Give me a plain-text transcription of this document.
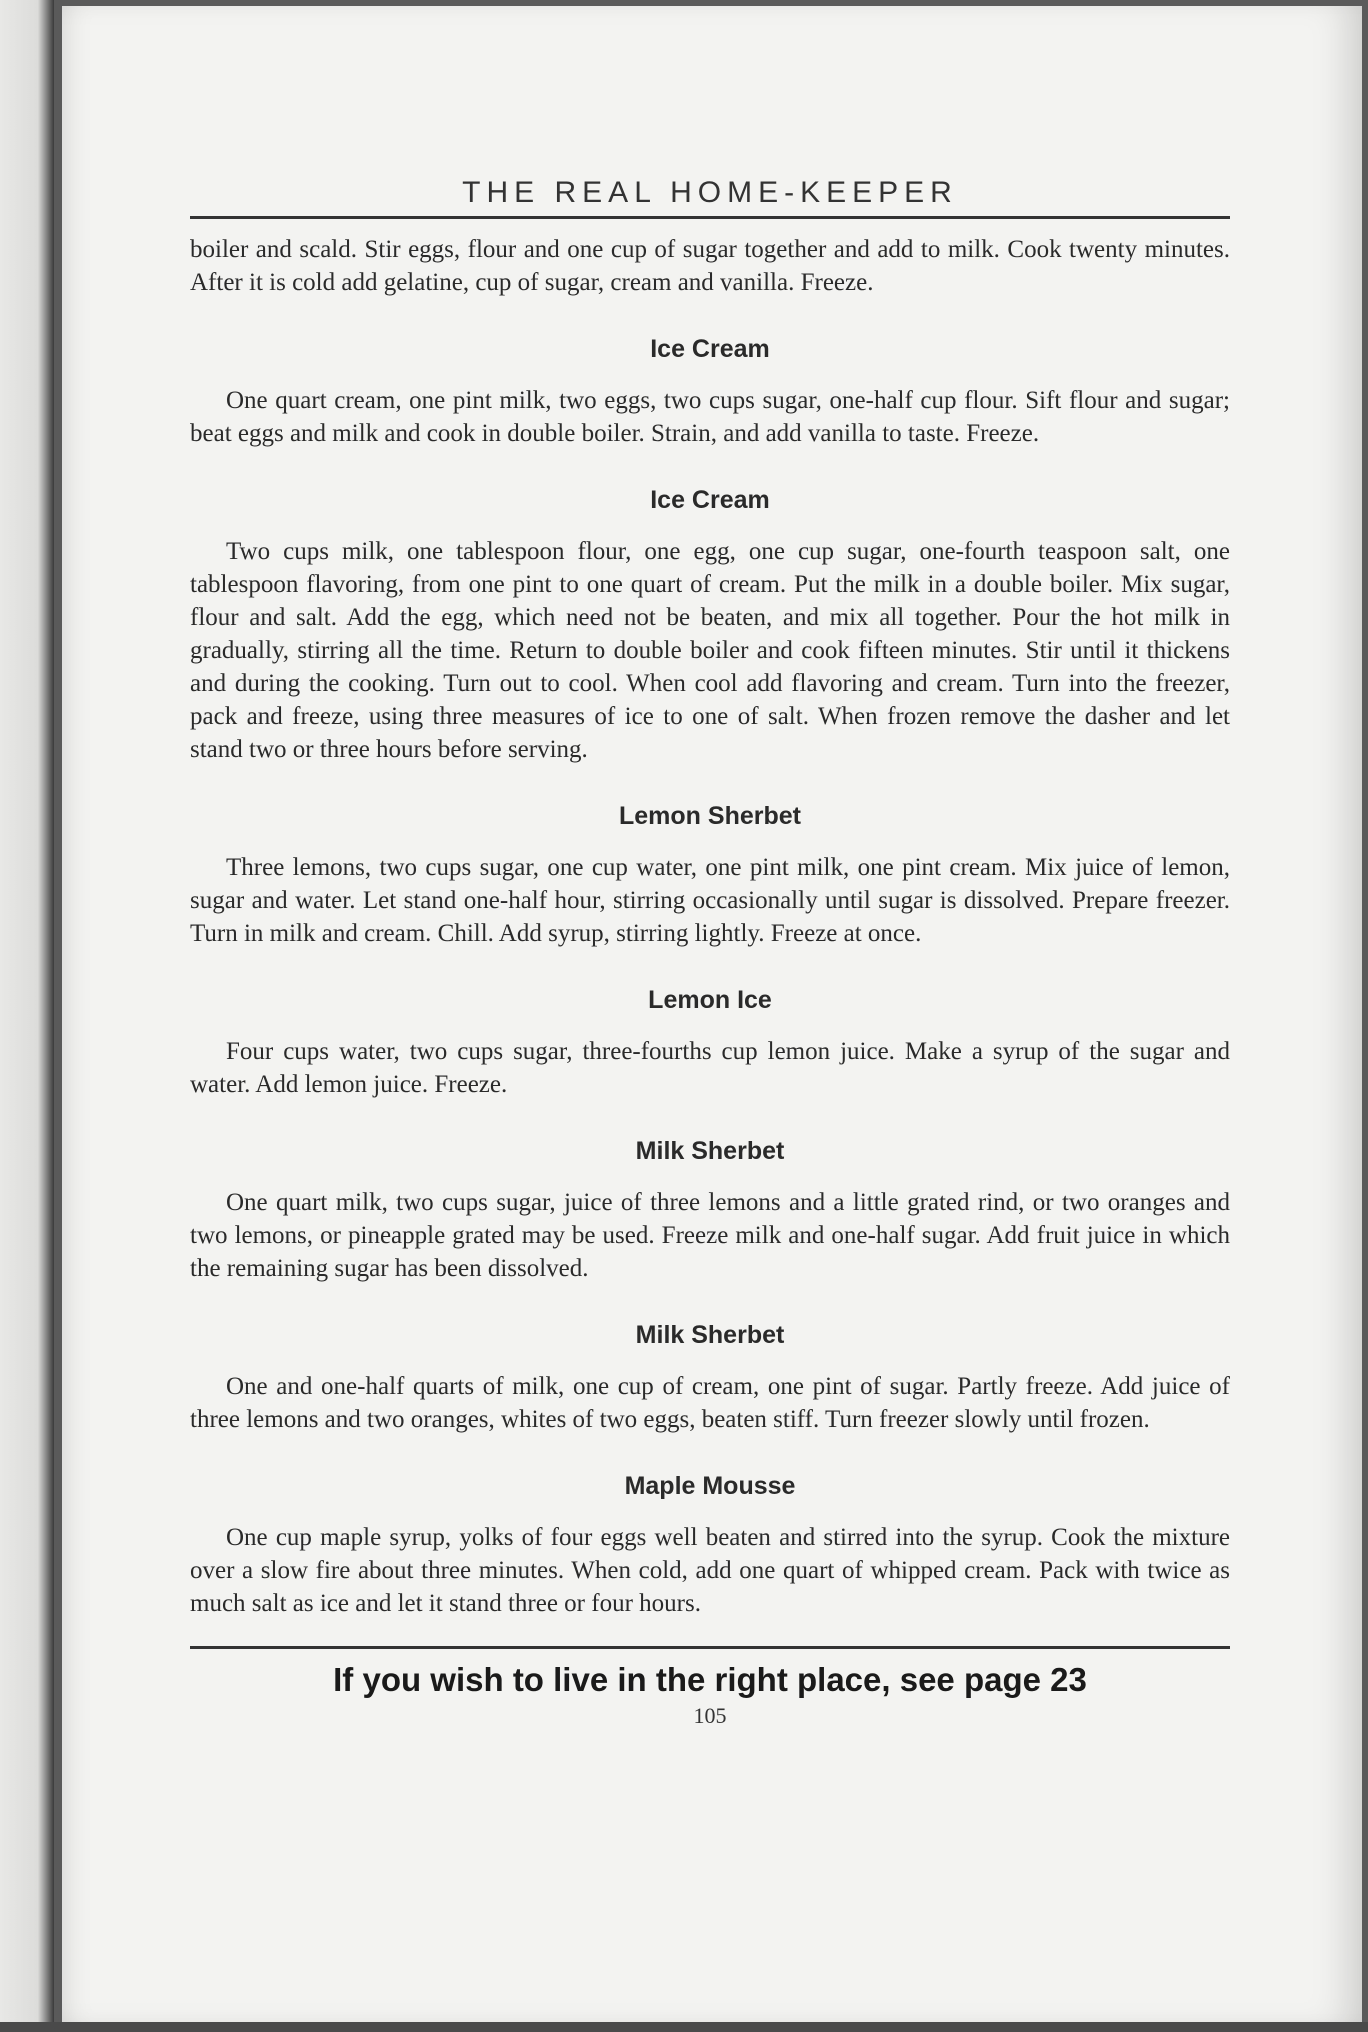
THE REAL HOME-KEEPER

boiler and scald. Stir eggs, flour and one cup of sugar together and add to milk. Cook twenty minutes. After it is cold add gelatine, cup of sugar, cream and vanilla. Freeze.

Ice Cream

One quart cream, one pint milk, two eggs, two cups sugar, one-half cup flour. Sift flour and sugar; beat eggs and milk and cook in double boiler. Strain, and add vanilla to taste. Freeze.

Ice Cream

Two cups milk, one tablespoon flour, one egg, one cup sugar, one-fourth teaspoon salt, one tablespoon flavoring, from one pint to one quart of cream. Put the milk in a double boiler. Mix sugar, flour and salt. Add the egg, which need not be beaten, and mix all together. Pour the hot milk in gradually, stirring all the time. Return to double boiler and cook fifteen minutes. Stir until it thickens and during the cooking. Turn out to cool. When cool add flavoring and cream. Turn into the freezer, pack and freeze, using three measures of ice to one of salt. When frozen remove the dasher and let stand two or three hours before serving.

Lemon Sherbet

Three lemons, two cups sugar, one cup water, one pint milk, one pint cream. Mix juice of lemon, sugar and water. Let stand one-half hour, stirring occasionally until sugar is dissolved. Prepare freezer. Turn in milk and cream. Chill. Add syrup, stirring lightly. Freeze at once.

Lemon Ice

Four cups water, two cups sugar, three-fourths cup lemon juice. Make a syrup of the sugar and water. Add lemon juice. Freeze.

Milk Sherbet

One quart milk, two cups sugar, juice of three lemons and a little grated rind, or two oranges and two lemons, or pineapple grated may be used. Freeze milk and one-half sugar. Add fruit juice in which the remaining sugar has been dissolved.

Milk Sherbet

One and one-half quarts of milk, one cup of cream, one pint of sugar. Partly freeze. Add juice of three lemons and two oranges, whites of two eggs, beaten stiff. Turn freezer slowly until frozen.

Maple Mousse

One cup maple syrup, yolks of four eggs well beaten and stirred into the syrup. Cook the mixture over a slow fire about three minutes. When cold, add one quart of whipped cream. Pack with twice as much salt as ice and let it stand three or four hours.

If you wish to live in the right place, see page 23

105
